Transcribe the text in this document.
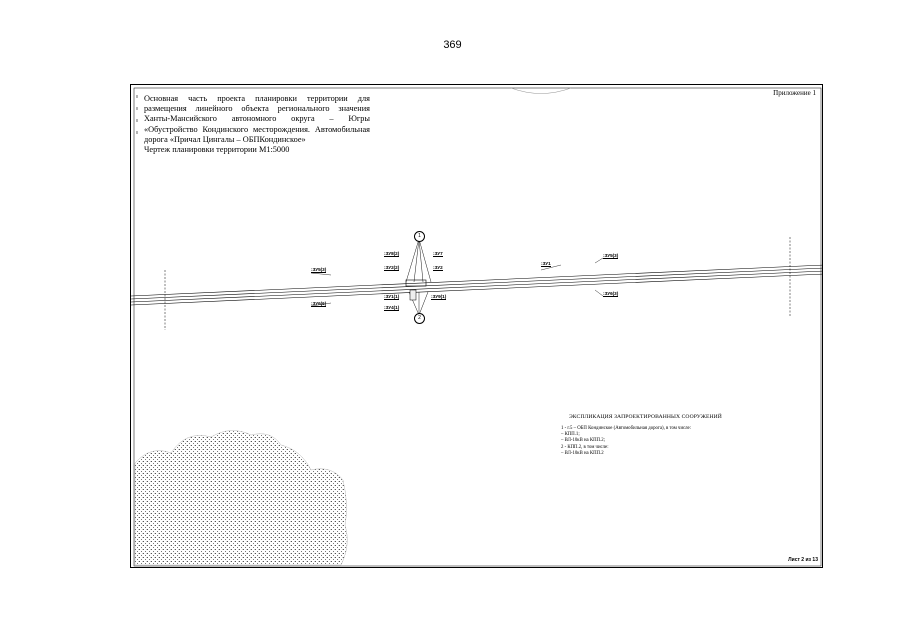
369
Основная часть проекта планировки территории для размещения линейного объекта регионального значения Ханты-Мансийского автономного округа – Югры «Обустройство Кондинского месторождения. Автомобильная дорога «Причал Цингалы – ОБПКондинское»
Чертеж планировки территории М1:5000
Приложение 1
:ЗУ5(3)
:ЗУ6(6)
:ЗУ8(2)	:ЗУ7
:ЗУ2(2)	:ЗУ2
:ЗУ1(1)	:ЗУ9(1)
:ЗУ4(1)
:ЗУ1
:ЗУ5(3)
:ЗУ6(3)
1
2
ЭКСПЛИКАЦИЯ ЗАПРОЕКТИРОВАННЫХ СООРУЖЕНИЙ
1 - г.5 – ОБП Кондинское (Автомобильная дорога), в том числе:
– КПП.1;
– ВЛ-10кВ на КПП.2;
2 - КПП.2, в том числе:
– ВЛ-10кВ на КПП.2
Лист 2 из 13
